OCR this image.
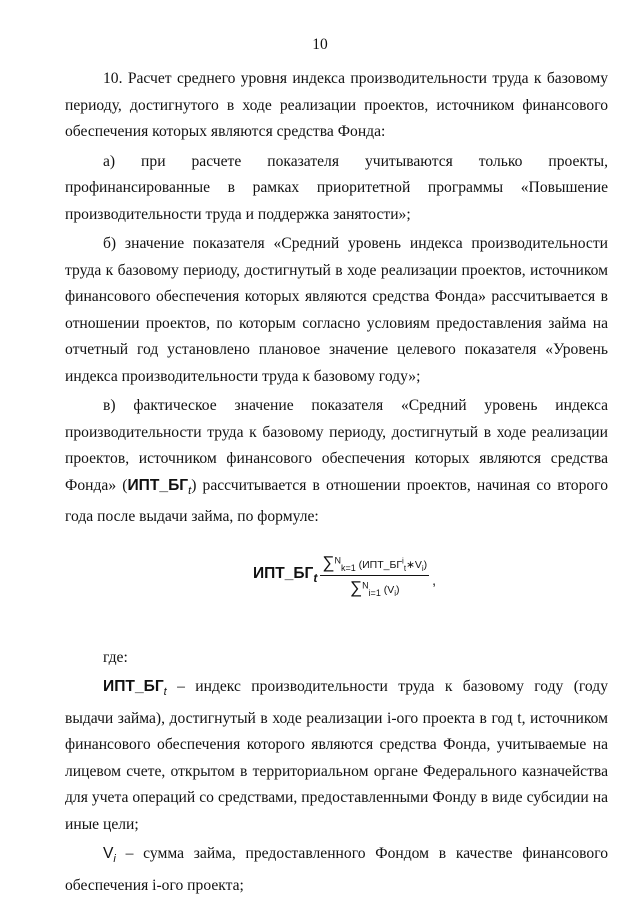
10

10. Расчет среднего уровня индекса производительности труда к базовому периоду, достигнутого в ходе реализации проектов, источником финансового обеспечения которых являются средства Фонда:

а) при расчете показателя учитываются только проекты, профинансированные в рамках приоритетной программы «Повышение производительности труда и поддержка занятости»;

б) значение показателя «Средний уровень индекса производительности труда к базовому периоду, достигнутый в ходе реализации проектов, источником финансового обеспечения которых являются средства Фонда» рассчитывается в отношении проектов, по которым согласно условиям предоставления займа на отчетный год установлено плановое значение целевого показателя «Уровень индекса производительности труда к базовому году»;

в) фактическое значение показателя «Средний уровень индекса производительности труда к базовому периоду, достигнутый в ходе реализации проектов, источником финансового обеспечения которых являются средства Фонда» $(ИПТ\_БГ_t)$ рассчитывается в отношении проектов, начиная со второго года после выдачи займа, по формуле:

$ИПТ\_БГ_t \frac{\sum^N_{k=1} (ИПТ\_БГ^i_t∗V_i)}{\sum^N_{i=1} (V_i)}$ ,

где:

$ИПТ\_БГ_t$ – индекс производительности труда к базовому году (году выдачи займа), достигнутый в ходе реализации i-ого проекта в год t, источником финансового обеспечения которого являются средства Фонда, учитываемые на лицевом счете, открытом в территориальном органе Федерального казначейства для учета операций со средствами, предоставленными Фонду в виде субсидии на иные цели;

$V_i$ – сумма займа, предоставленного Фондом в качестве финансового обеспечения i-ого проекта;
